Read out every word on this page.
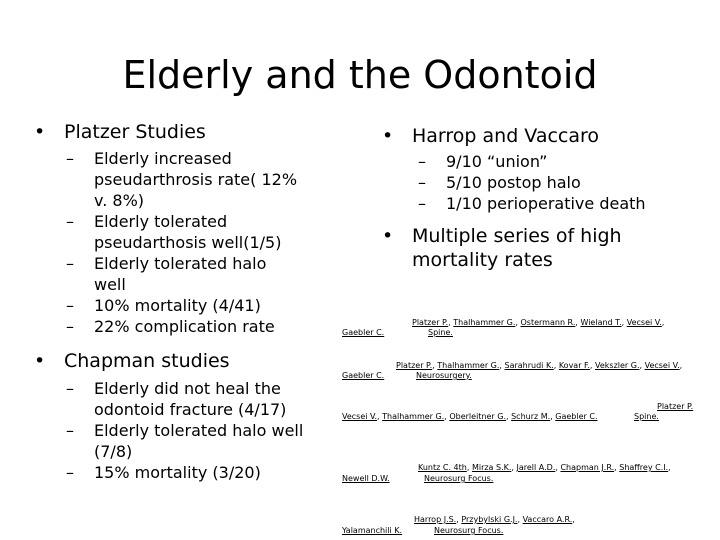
Elderly and the Odontoid
• Platzer Studies
– Elderly increased pseudarthrosis rate( 12% v. 8%)
– Elderly tolerated pseudarthosis well(1/5)
– Elderly tolerated halo well
– 10% mortality (4/41)
– 22% complication rate
• Chapman studies
– Elderly did not heal the odontoid fracture (4/17)
– Elderly tolerated halo well (7/8)
– 15% mortality (3/20)
• Harrop and Vaccaro
– 9/10 “union”
– 5/10 postop halo
– 1/10 perioperative death
• Multiple series of high mortality rates
Platzer P., Thalhammer G., Ostermann R., Wieland T., Vecsei V.,
Gaebler C.	Spine.
Platzer P., Thalhammer G., Sarahrudi K., Kovar F., Vekszler G., Vecsei V.,
Gaebler C.	Neurosurgery.
Platzer P.
Vecsei V., Thalhammer G., Oberleitner G., Schurz M., Gaebler C.	Spine.
Kuntz C. 4th, Mirza S.K., Jarell A.D., Chapman J.R., Shaffrey C.I.,
Newell D.W.	Neurosurg Focus.
Harrop J.S., Przybylski G.J., Vaccaro A.R.,
Yalamanchili K.	Neurosurg Focus.
